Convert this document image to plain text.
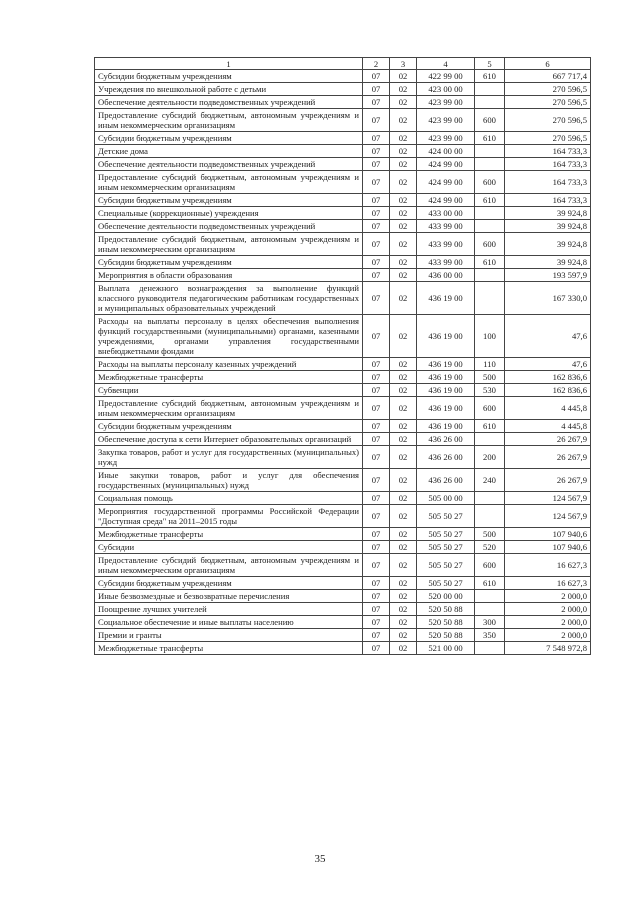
1	2	3	4	5	6
Субсидии бюджетным учреждениям	07	02	422 99 00	610	667 717,4
Учреждения по внешкольной работе с детьми	07	02	423 00 00		270 596,5
Обеспечение деятельности подведомственных учреждений	07	02	423 99 00		270 596,5
Предоставление субсидий бюджетным, автономным учреждениям и иным некоммерческим организациям	07	02	423 99 00	600	270 596,5
Субсидии бюджетным учреждениям	07	02	423 99 00	610	270 596,5
Детские дома	07	02	424 00 00		164 733,3
Обеспечение деятельности подведомственных учреждений	07	02	424 99 00		164 733,3
Предоставление субсидий бюджетным, автономным учреждениям и иным некоммерческим организациям	07	02	424 99 00	600	164 733,3
Субсидии бюджетным учреждениям	07	02	424 99 00	610	164 733,3
Специальные (коррекционные) учреждения	07	02	433 00 00		39 924,8
Обеспечение деятельности подведомственных учреждений	07	02	433 99 00		39 924,8
Предоставление субсидий бюджетным, автономным учреждениям и иным некоммерческим организациям	07	02	433 99 00	600	39 924,8
Субсидии бюджетным учреждениям	07	02	433 99 00	610	39 924,8
Мероприятия в области образования	07	02	436 00 00		193 597,9
Выплата денежного вознаграждения за выполнение функций классного руководителя педагогическим работникам государственных и муниципальных образовательных учреждений	07	02	436 19 00		167 330,0
Расходы на выплаты персоналу в целях обеспечения выполнения функций государственными (муниципальными) органами, казенными учреждениями, органами управления государственными внебюджетными фондами	07	02	436 19 00	100	47,6
Расходы на выплаты персоналу казенных учреждений	07	02	436 19 00	110	47,6
Межбюджетные трансферты	07	02	436 19 00	500	162 836,6
Субвенции	07	02	436 19 00	530	162 836,6
Предоставление субсидий бюджетным, автономным учреждениям и иным некоммерческим организациям	07	02	436 19 00	600	4 445,8
Субсидии бюджетным учреждениям	07	02	436 19 00	610	4 445,8
Обеспечение доступа к сети Интернет образовательных организаций	07	02	436 26 00		26 267,9
Закупка товаров, работ и услуг для государственных (муниципальных) нужд	07	02	436 26 00	200	26 267,9
Иные закупки товаров, работ и услуг для обеспечения государственных (муниципальных) нужд	07	02	436 26 00	240	26 267,9
Социальная помощь	07	02	505 00 00		124 567,9
Мероприятия государственной программы Российской Федерации "Доступная среда" на 2011–2015 годы	07	02	505 50 27		124 567,9
Межбюджетные трансферты	07	02	505 50 27	500	107 940,6
Субсидии	07	02	505 50 27	520	107 940,6
Предоставление субсидий бюджетным, автономным учреждениям и иным некоммерческим организациям	07	02	505 50 27	600	16 627,3
Субсидии бюджетным учреждениям	07	02	505 50 27	610	16 627,3
Иные безвозмездные и безвозвратные перечисления	07	02	520 00 00		2 000,0
Поощрение лучших учителей	07	02	520 50 88		2 000,0
Социальное обеспечение и иные выплаты населению	07	02	520 50 88	300	2 000,0
Премии и гранты	07	02	520 50 88	350	2 000,0
Межбюджетные трансферты	07	02	521 00 00		7 548 972,8
35
